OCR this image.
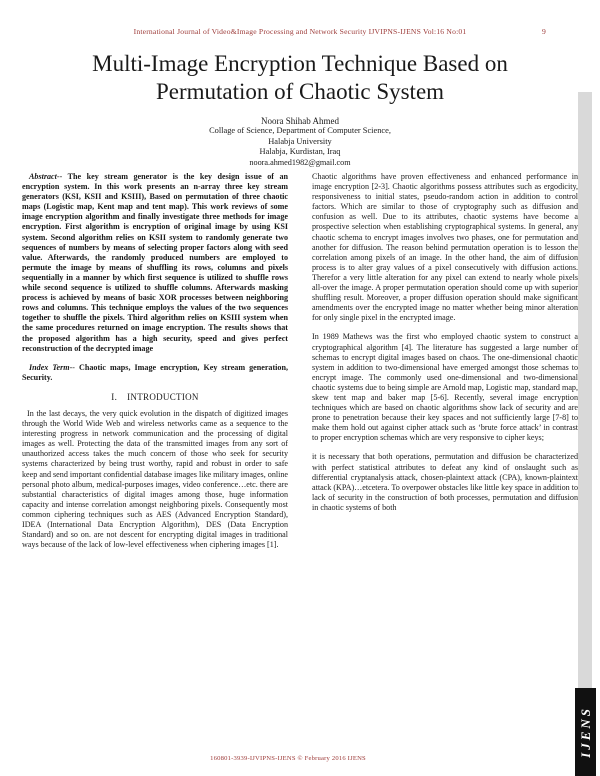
International Journal of Video&Image Processing and Network Security IJVIPNS-IJENS Vol:16 No:01	9
Multi-Image Encryption Technique Based on Permutation of Chaotic System
Noora Shihab Ahmed
Collage of Science, Department of Computer Science,
Halabja University
Halabja, Kurdistan, Iraq
noora.ahmed1982@gmail.com

Abstract-- The key stream generator is the key design issue of an encryption system. In this work presents an n-array three key stream generators (KSI, KSII and KSIII), Based on permutation of three chaotic maps (Logistic map, Kent map and tent map). This work reviews of some image encryption algorithm and finally investigate three methods for image encryption. First algorithm is encryption of original image by using KSI system. Second algorithm relies on KSII system to randomly generate two sequences of numbers by means of selecting proper factors along with seed value. Afterwards, the randomly produced numbers are employed to permute the image by means of shuffling its rows, columns and pixels sequentially in a manner by which first sequence is utilized to shuffle rows while second sequence is utilized to shuffle columns. Afterwards masking process is achieved by means of basic XOR processes between neighboring rows and columns. This technique employs the values of the two sequences together to shuffle the pixels. Third algorithm relies on KSIII system when the same procedures returned on image encryption. The results shows that the proposed algorithm has a high security, speed and gives perfect reconstruction of the decrypted image

Index Term-- Chaotic maps, Image encryption, Key stream generation, Security.

I. INTRODUCTION

In the last decays, the very quick evolution in the dispatch of digitized images through the World Wide Web and wireless networks came as a sequence to the interesting progress in network communication and the processing of digital images as well. Protecting the data of the transmitted images from any sort of unauthorized access takes the much concern of those who seek for security systems characterized by being trust worthy, rapid and robust in order to safe keep and send important confidential database images like military images, online personal photo album, medical-purposes images, video conference…etc. there are substantial characteristics of digital images among those, huge information capacity and intense correlation amongst neighboring pixels. Consequently most common ciphering techniques such as AES (Advanced Encryption Standard), IDEA (International Data Encryption Algorithm), DES (Data Encryption Standard) and so on. are not descent for encrypting digital images in traditional ways because of the lack of low-level effectiveness when ciphering images [1].

Chaotic algorithms have proven effectiveness and enhanced performance in image encryption [2-3]. Chaotic algorithms possess attributes such as ergodicity, responsiveness to initial states, pseudo-random action in addition to control factors. Which are similar to those of cryptography such as diffusion and confusion as well. Due to its attributes, chaotic systems have become a prospective selection when establishing cryptographical systems. In general, any chaotic schema to encrypt images involves two phases, one for permutation and another for diffusion. The reason behind permutation operation is to lesson the correlation among pixels of an image. In the other hand, the aim of diffusion process is to alter gray values of a pixel consecutively with diffusion actions. Therefor a very little alteration for any pixel can extend to nearly whole pixels all-over the image. A proper permutation operation should come up with superior shuffling result. Moreover, a proper diffusion operation should make significant amendments over the encrypted image no matter whether being minor alteration for only single pixel in the encrypted image.

In 1989 Mathews was the first who employed chaotic system to construct a cryptographical algorithm [4]. The literature has suggested a large number of schemas to encrypt digital images based on chaos. The one-dimensional chaotic system in addition to two-dimensional have emerged amongst those schemas to encrypt image. The commonly used one-dimensional and two-dimensional chaotic systems due to being simple are Arnold map, Logistic map, standard map, skew tent map and baker map [5-6]. Recently, several image encryption techniques which are based on chaotic algorithms show lack of security and are prone to penetration because their key spaces and not sufficiently large [7-8] to make them hold out against cipher attack such as ‘brute force attack’ in contrast to proper encryption schemas which are very responsive to cipher keys;

it is necessary that both operations, permutation and diffusion be characterized with perfect statistical attributes to defeat any kind of onslaught such as differential cryptanalysis attack, chosen-plaintext attack (CPA), known-plaintext attack (KPA)…etcetera. To overpower obstacles like little key space in addition to lack of security in the construction of both processes, permutation and diffusion in chaotic systems of both

160801-3939-IJVIPNS-IJENS © February 2016 IJENS
IJENS
